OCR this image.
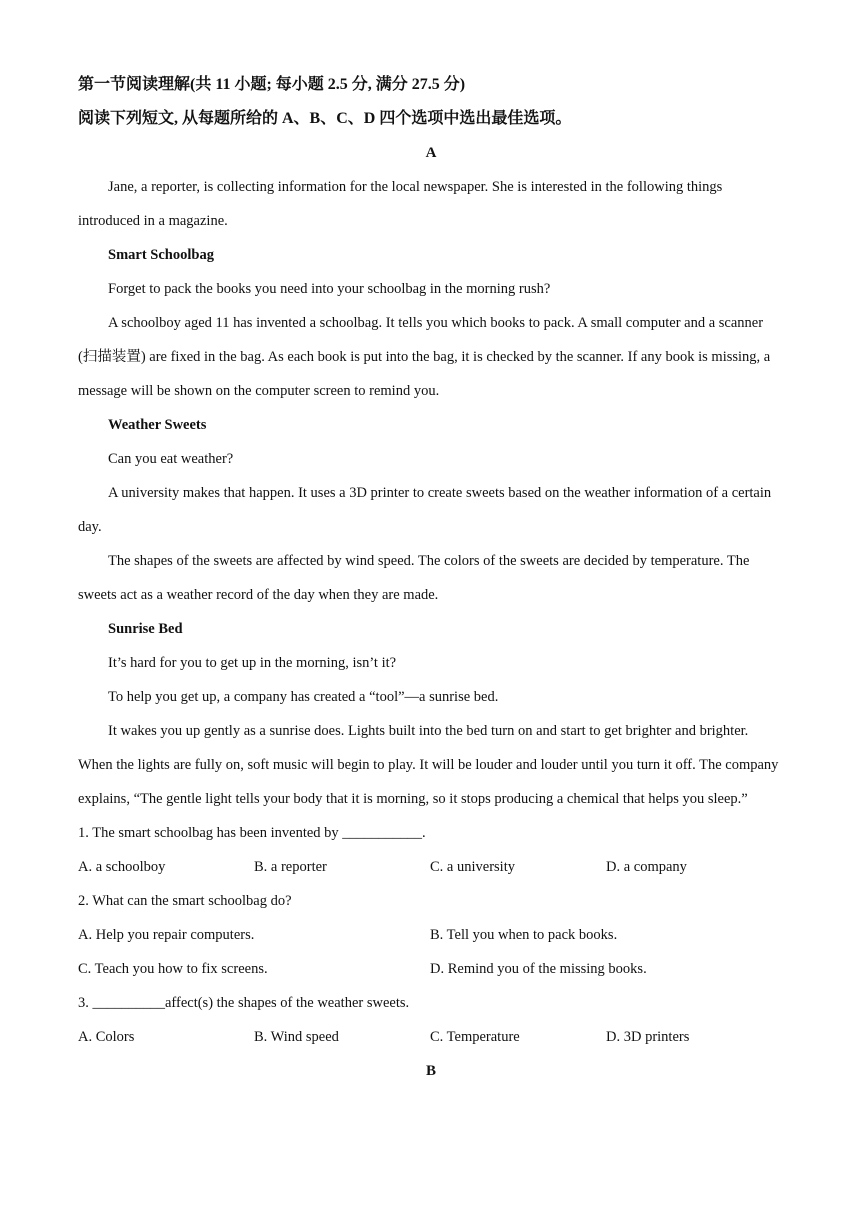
第一节阅读理解(共 11 小题; 每小题 2.5 分, 满分 27.5 分)
阅读下列短文, 从每题所给的 A、B、C、D 四个选项中选出最佳选项。
A

Jane, a reporter, is collecting information for the local newspaper. She is interested in the following things introduced in a magazine.

Smart Schoolbag

Forget to pack the books you need into your schoolbag in the morning rush?

A schoolboy aged 11 has invented a schoolbag. It tells you which books to pack. A small computer and a scanner (扫描装置) are fixed in the bag. As each book is put into the bag, it is checked by the scanner. If any book is missing, a message will be shown on the computer screen to remind you.

Weather Sweets

Can you eat weather?

A university makes that happen. It uses a 3D printer to create sweets based on the weather information of a certain day.

The shapes of the sweets are affected by wind speed. The colors of the sweets are decided by temperature. The sweets act as a weather record of the day when they are made.

Sunrise Bed

It’s hard for you to get up in the morning, isn’t it?

To help you get up, a company has created a “tool”—a sunrise bed.

It wakes you up gently as a sunrise does. Lights built into the bed turn on and start to get brighter and brighter. When the lights are fully on, soft music will begin to play. It will be louder and louder until you turn it off. The company explains, “The gentle light tells your body that it is morning, so it stops producing a chemical that helps you sleep.”

1. The smart schoolbag has been invented by ___________.

A. a schoolboy	B. a reporter	C. a university	D. a company

2. What can the smart schoolbag do?

A. Help you repair computers.	B. Tell you when to pack books.
C. Teach you how to fix screens.	D. Remind you of the missing books.

3. __________affect(s) the shapes of the weather sweets.

A. Colors	B. Wind speed	C. Temperature	D. 3D printers
B
